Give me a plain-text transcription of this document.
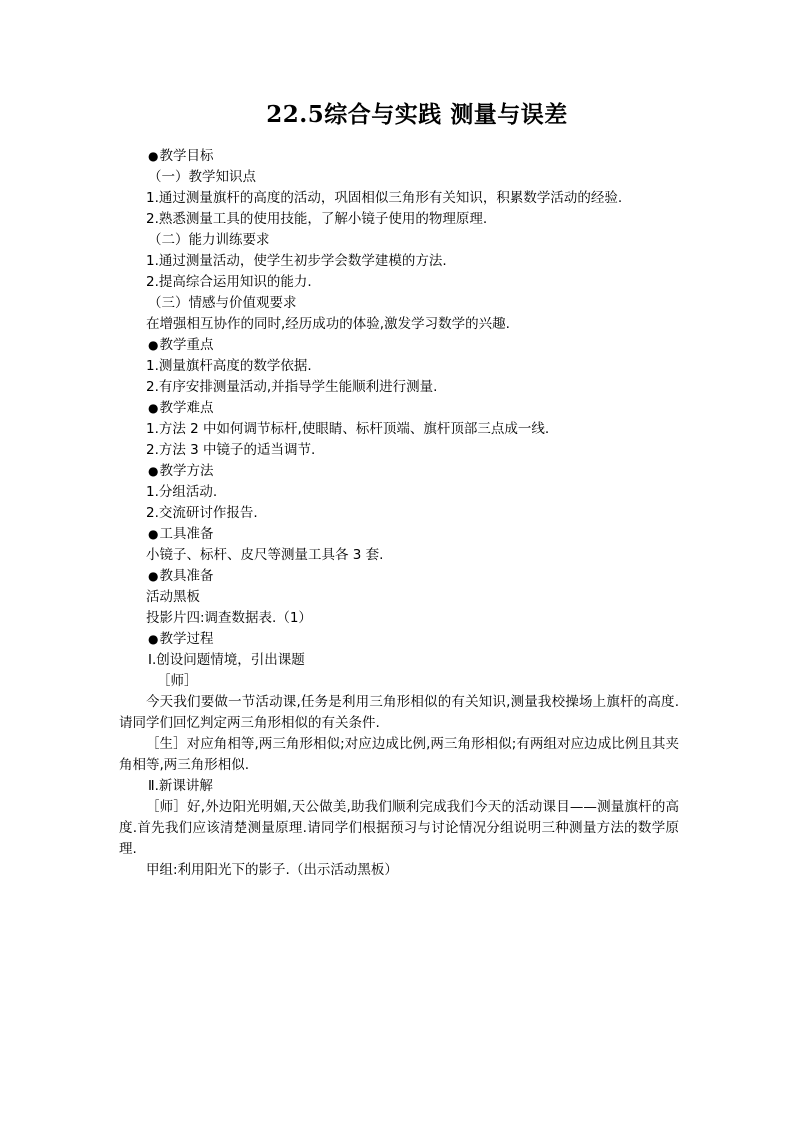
22.5综合与实践 测量与误差

● 教学目标

（一）教学知识点

1.通过测量旗杆的高度的活动，巩固相似三角形有关知识，积累数学活动的经验.

2.熟悉测量工具的使用技能，了解小镜子使用的物理原理.

（二）能力训练要求

1.通过测量活动，使学生初步学会数学建模的方法.

2.提高综合运用知识的能力.

（三）情感与价值观要求

在增强相互协作的同时,经历成功的体验,激发学习数学的兴趣.

● 教学重点

1.测量旗杆高度的数学依据.

2.有序安排测量活动,并指导学生能顺利进行测量.

● 教学难点

1.方法 2 中如何调节标杆,使眼睛、标杆顶端、旗杆顶部三点成一线.

2.方法 3 中镜子的适当调节.

● 教学方法

1.分组活动.

2.交流研讨作报告.

● 工具准备

小镜子、标杆、皮尺等测量工具各 3 套.

● 教具准备

活动黑板

投影片四:调查数据表.（1）

● 教学过程

Ⅰ.创设问题情境，引出课题

［师］

今天我们要做一节活动课,任务是利用三角形相似的有关知识,测量我校操场上旗杆的高度.请同学们回忆判定两三角形相似的有关条件.

［生］对应角相等,两三角形相似;对应边成比例,两三角形相似;有两组对应边成比例且其夹角相等,两三角形相似.

Ⅱ.新课讲解

［师］好,外边阳光明媚,天公做美,助我们顺利完成我们今天的活动课目——测量旗杆的高度.首先我们应该清楚测量原理.请同学们根据预习与讨论情况分组说明三种测量方法的数学原理.

甲组:利用阳光下的影子.（出示活动黑板）
